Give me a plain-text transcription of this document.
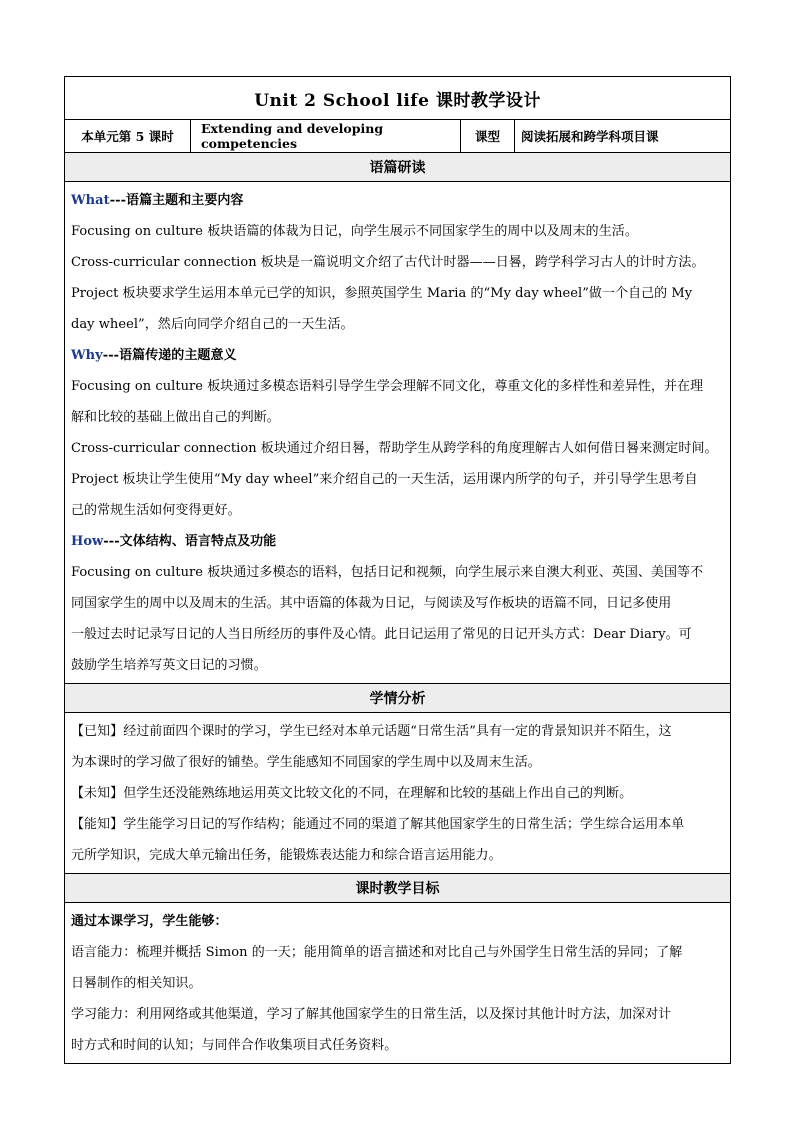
Unit 2 School life 课时教学设计
本单元第 5 课时	Extending and developing competencies	课型	阅读拓展和跨学科项目课
语篇研读

What---语篇主题和主要内容
Focusing on culture 板块语篇的体裁为日记，向学生展示不同国家学生的周中以及周末的生活。
Cross-curricular connection 板块是一篇说明文介绍了古代计时器——日晷，跨学科学习古人的计时方法。
Project 板块要求学生运用本单元已学的知识，参照英国学生 Maria 的“My day wheel”做一个自己的 My
day wheel”，然后向同学介绍自己的一天生活。
Why---语篇传递的主题意义
Focusing on culture 板块通过多模态语料引导学生学会理解不同文化，尊重文化的多样性和差异性，并在理
解和比较的基础上做出自己的判断。
Cross-curricular connection 板块通过介绍日晷，帮助学生从跨学科的角度理解古人如何借日晷来测定时间。
Project 板块让学生使用“My day wheel”来介绍自己的一天生活，运用课内所学的句子，并引导学生思考自
己的常规生活如何变得更好。
How---文体结构、语言特点及功能
Focusing on culture 板块通过多模态的语料，包括日记和视频，向学生展示来自澳大利亚、英国、美国等不
同国家学生的周中以及周末的生活。其中语篇的体裁为日记，与阅读及写作板块的语篇不同，日记多使用
一般过去时记录写日记的人当日所经历的事件及心情。此日记运用了常见的日记开头方式：Dear Diary。可
鼓励学生培养写英文日记的习惯。

学情分析

【已知】经过前面四个课时的学习，学生已经对本单元话题“日常生活”具有一定的背景知识并不陌生，这
为本课时的学习做了很好的铺垫。学生能感知不同国家的学生周中以及周末生活。
【未知】但学生还没能熟练地运用英文比较文化的不同，在理解和比较的基础上作出自己的判断。
【能知】学生能学习日记的写作结构；能通过不同的渠道了解其他国家学生的日常生活；学生综合运用本单
元所学知识，完成大单元输出任务，能锻炼表达能力和综合语言运用能力。

课时教学目标

通过本课学习，学生能够：
语言能力：梳理并概括 Simon 的一天；能用简单的语言描述和对比自己与外国学生日常生活的异同；了解
日晷制作的相关知识。
学习能力：利用网络或其他渠道，学习了解其他国家学生的日常生活，以及探讨其他计时方法，加深对计
时方式和时间的认知；与同伴合作收集项目式任务资料。
